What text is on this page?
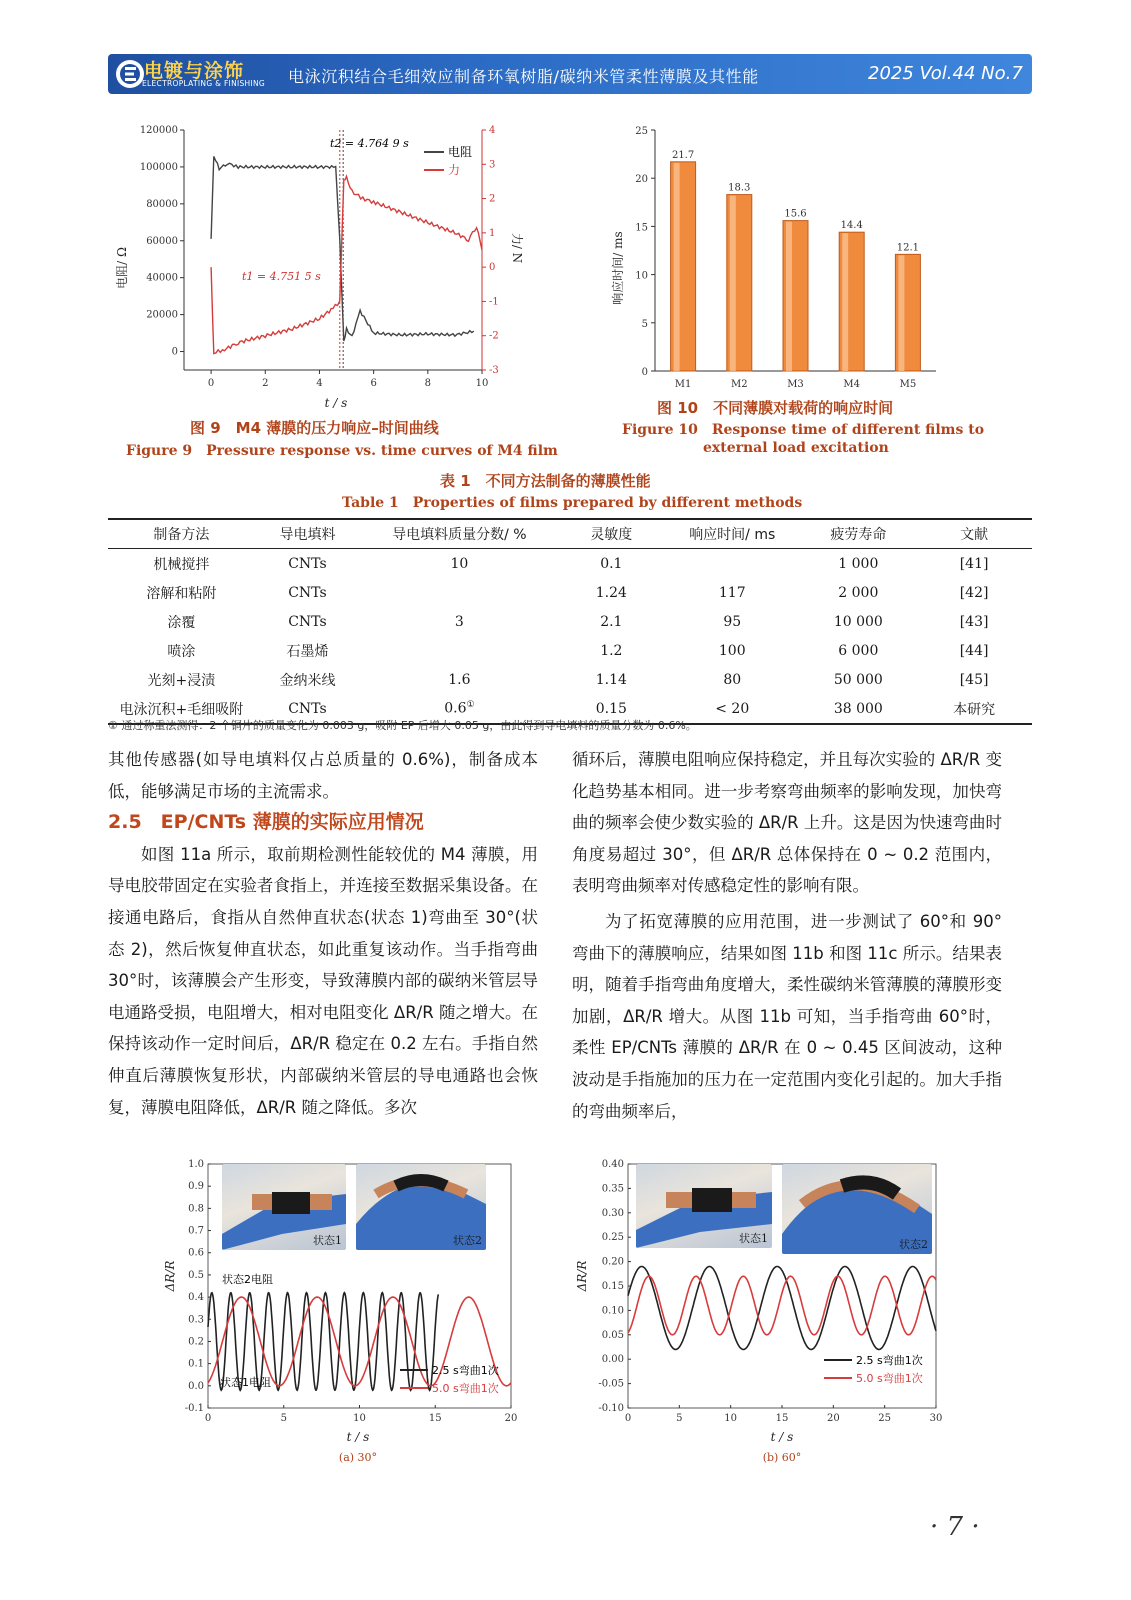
电镀与涂饰
ELECTROPLATING & FINISHING 电泳沉积结合毛细效应制备环氧树脂/碳纳米管柔性薄膜及其性能	2025 Vol.44 No.7
0	2	4	6	8	10
0
20000
40000
60000
80000
100000
120000
-3
-2
-1
0
1
2
3
4
电阻/ Ω	力/ N
t / s
t2 = 4.764 9 s
t1 = 4.751 5 s
电阻
力
图 9　M4 薄膜的压力响应–时间曲线
Figure 9　Pressure response vs. time curves of M4 film
0
5
10
15
20
25
21.7
M1
18.3
M2
15.6
M3
14.4
M4
12.1
M5
响应时间/ ms
图 10　不同薄膜对载荷的响应时间
Figure 10　Response time of different films to
external load excitation
表 1　不同方法制备的薄膜性能
Table 1　Properties of films prepared by different methods
制备方法	导电填料	导电填料质量分数/ %	灵敏度	响应时间/ ms	疲劳寿命	文献
机械搅拌	CNTs	10	0.1		1 000	[41]
溶解和粘附	CNTs		1.24	117	2 000	[42]
涂覆	CNTs	3	2.1	95	10 000	[43]
喷涂	石墨烯		1.2	100	6 000	[44]
光刻+浸渍	金纳米线	1.6	1.14	80	50 000	[45]
电泳沉积+毛细吸附	CNTs	0.6①	0.15	< 20	38 000	本研究
① 通过称重法测得：2 个铜片的质量变化为 0.003 g，吸附 EP 后增大 0.05 g，由此得到导电填料的质量分数为 0.6%。

其他传感器(如导电填料仅占总质量的 0.6%)，制备成本低，能够满足市场的主流需求。

2.5　EP/CNTs 薄膜的实际应用情况

如图 11a 所示，取前期检测性能较优的 M4 薄膜，用导电胶带固定在实验者食指上，并连接至数据采集设备。在接通电路后，食指从自然伸直状态(状态 1)弯曲至 30°(状态 2)，然后恢复伸直状态，如此重复该动作。当手指弯曲 30°时，该薄膜会产生形变，导致薄膜内部的碳纳米管层导电通路受损，电阻增大，相对电阻变化 ΔR/R 随之增大。在保持该动作一定时间后，ΔR/R 稳定在 0.2 左右。手指自然伸直后薄膜恢复形状，内部碳纳米管层的导电通路也会恢复，薄膜电阻降低，ΔR/R 随之降低。多次

循环后，薄膜电阻响应保持稳定，并且每次实验的 ΔR/R 变化趋势基本相同。进一步考察弯曲频率的影响发现，加快弯曲的频率会使少数实验的 ΔR/R 上升。这是因为快速弯曲时角度易超过 30°，但 ΔR/R 总体保持在 0 ~ 0.2 范围内，表明弯曲频率对传感稳定性的影响有限。

为了拓宽薄膜的应用范围，进一步测试了 60°和 90°弯曲下的薄膜响应，结果如图 11b 和图 11c 所示。结果表明，随着手指弯曲角度增大，柔性碳纳米管薄膜的薄膜形变加剧，ΔR/R 增大。从图 11b 可知，当手指弯曲 60°时，柔性 EP/CNTs 薄膜的 ΔR/R 在 0 ~ 0.45 区间波动，这种波动是手指施加的压力在一定范围内变化引起的。加大手指的弯曲频率后，

0	5	10	15	20
-0.1
0.0
0.1
0.2
0.3
0.4
0.5
0.6
0.7
0.8
0.9
1.0
ΔR/R
t / s
(a) 30°
状态2电阻
状态1电阻
2.5 s弯曲1次
5.0 s弯曲1次
状态1	状态2
0	5	10	15	20	25	30
-0.10
-0.05
0.00
0.05
0.10
0.15
0.20
0.25
0.30
0.35
0.40
ΔR/R
t / s
(b) 60°
2.5 s弯曲1次
5.0 s弯曲1次
状态1	状态2
· 7 ·
